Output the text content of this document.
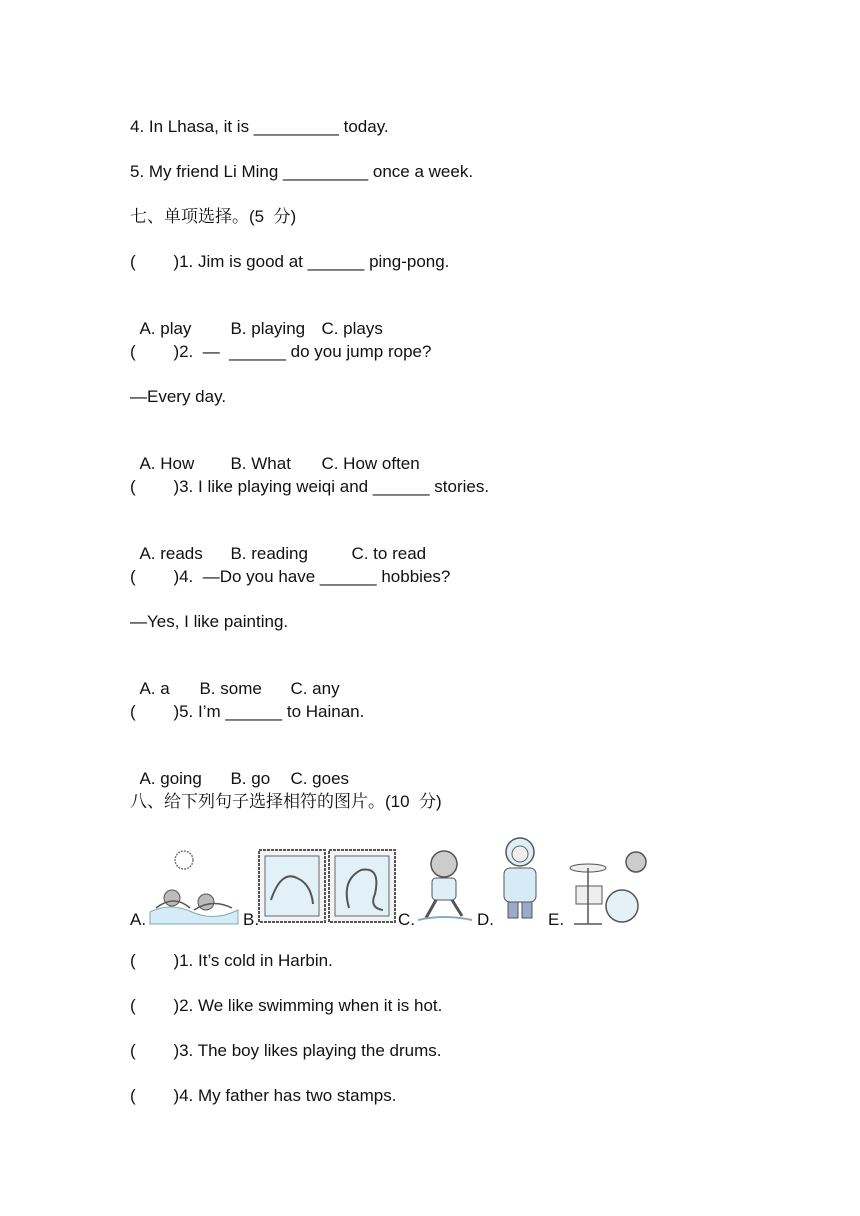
4. In Lhasa, it is _________ today.
5. My friend Li Ming _________ once a week.
七、单项选择。(5  分)
(        )1. Jim is good at ______ ping-pong.

A. play B. playing C. plays

(        )2.  —  ______ do you jump rope?
—Every day.

A. How B. What C. How often

(        )3. I like playing weiqi and ______ stories.

A. reads B. reading	C. to read

(        )4.  —Do you have ______ hobbies?
—Yes, I like painting.

A. a B. some C. any

(        )5. I’m ______ to Hainan.

A. going B. go C. goes

八、给下列句子选择相符的图片。(10  分)
A.	B.	C.	D.	E.
(        )1. It’s cold in Harbin.
(        )2. We like swimming when it is hot.
(        )3. The boy likes playing the drums.
(        )4. My father has two stamps.
